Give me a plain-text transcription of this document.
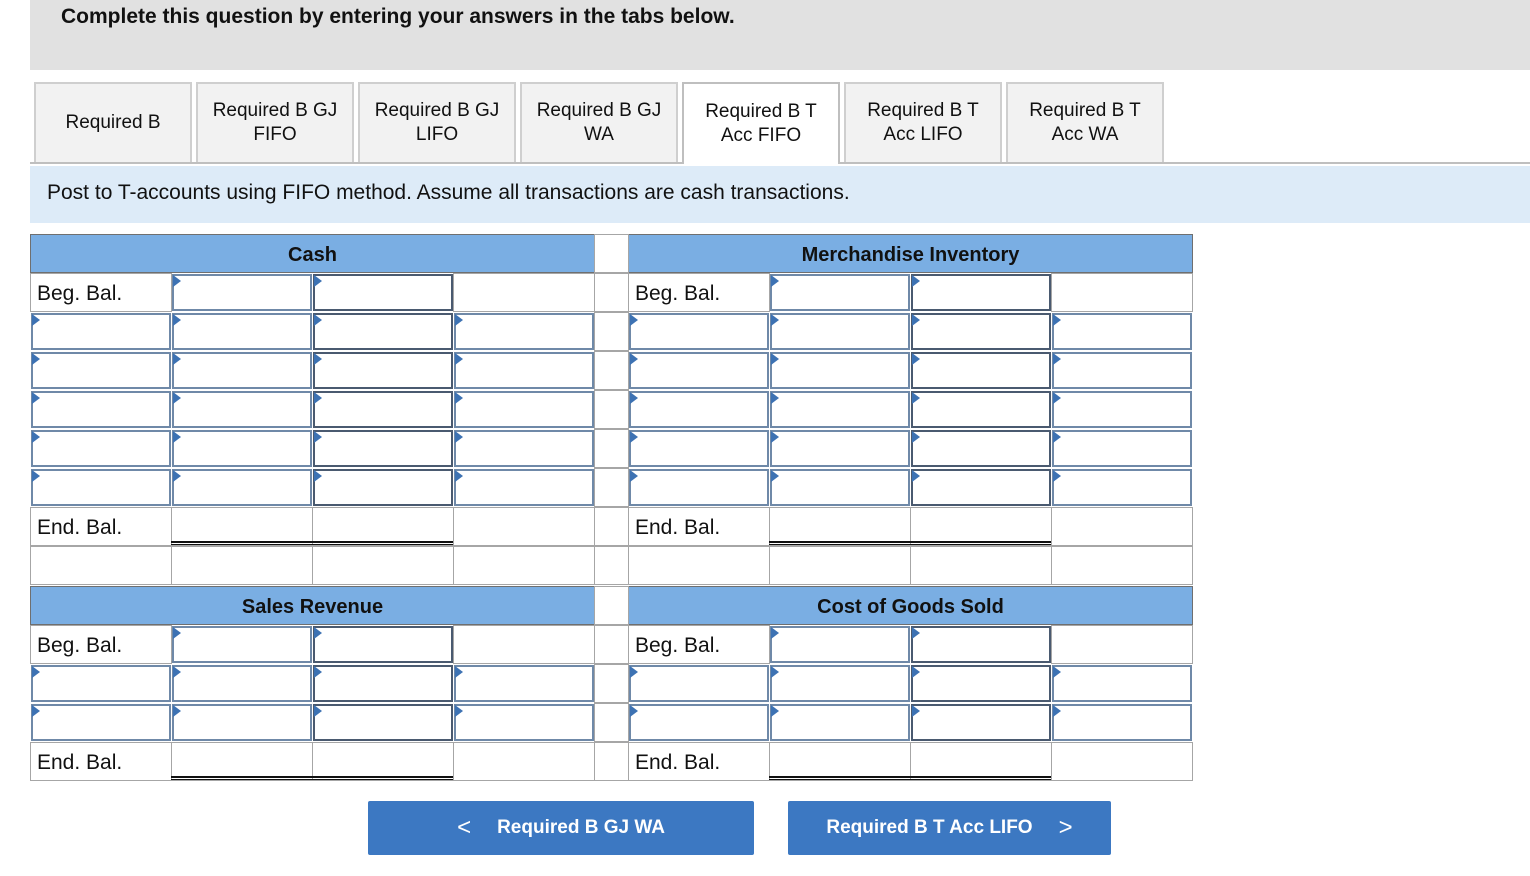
Complete this question by entering your answers in the tabs below.
Required B
Required B GJ
FIFO
Required B GJ
LIFO
Required B GJ
WA
Required B T
Acc FIFO
Required B T
Acc LIFO
Required B T
Acc WA
Post to T-accounts using FIFO method. Assume all transactions are cash transactions.
Cash
Beg. Bal.
End. Bal.
Merchandise Inventory
Beg. Bal.
End. Bal.
Sales Revenue
Beg. Bal.
End. Bal.
Cost of Goods Sold
Beg. Bal.
End. Bal.
< Required B GJ WA	Required B T Acc LIFO >
